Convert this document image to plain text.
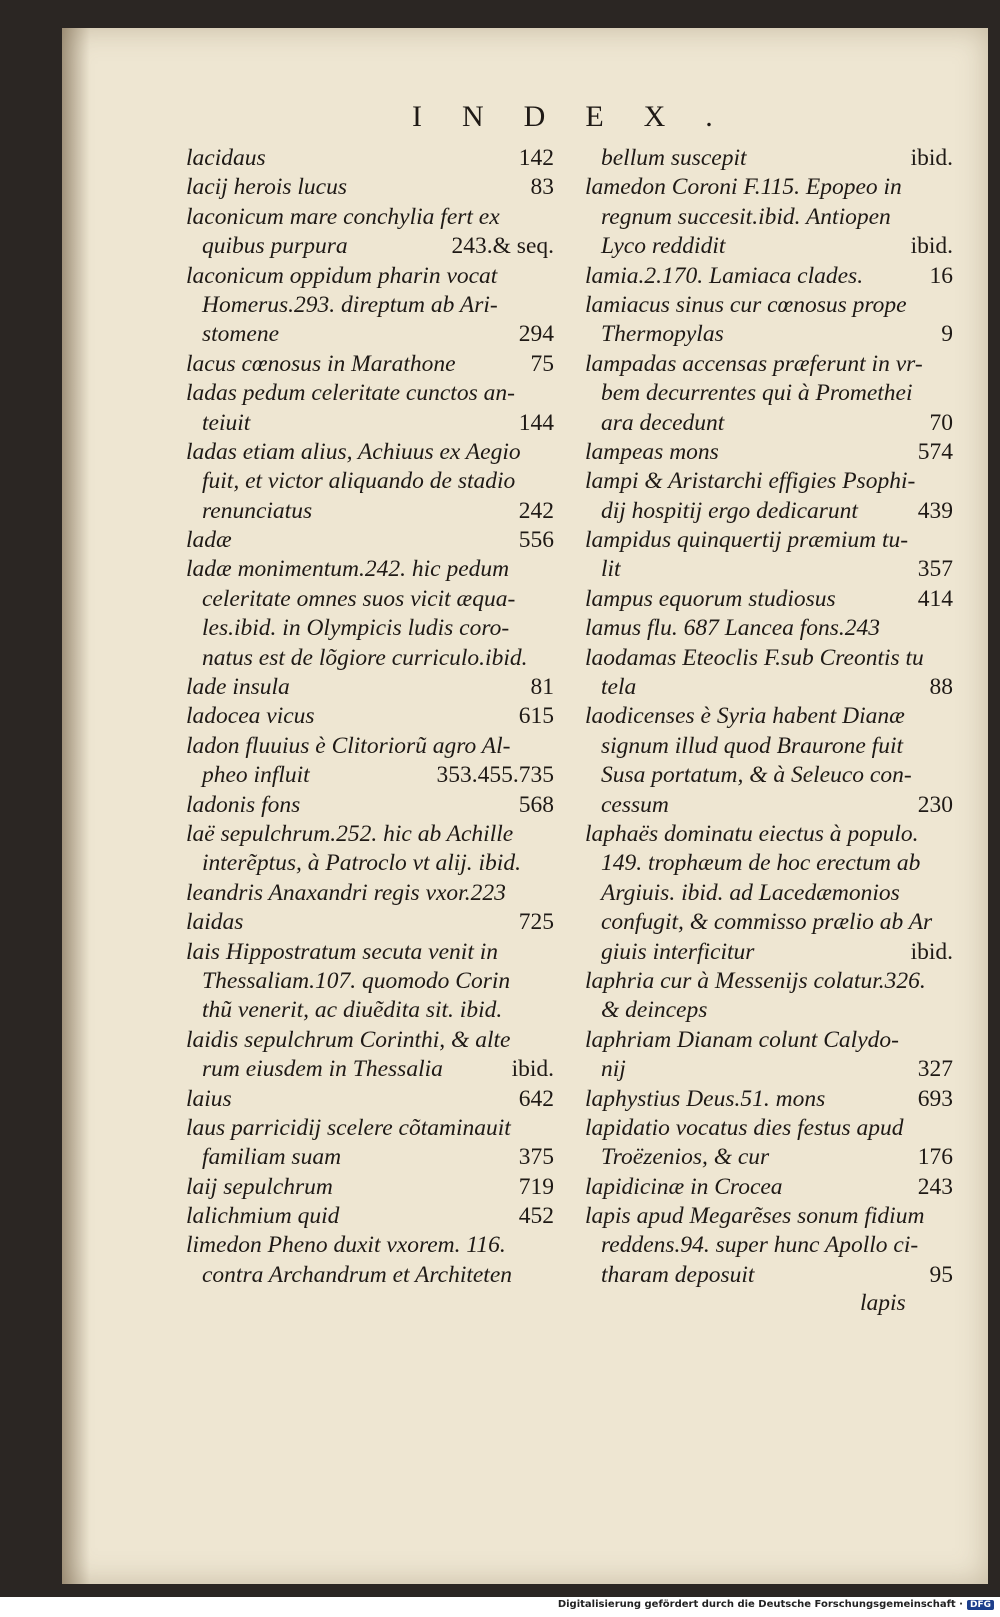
INDEX.
lacidaus	142
lacij herois lucus	83
laconicum mare conchylia fert ex
quibus purpura	243.& seq.
laconicum oppidum pharin vocat
Homerus.293. direptum ab Ari-
stomene	294
lacus cœnosus in Marathone	75
ladas pedum celeritate cunctos an-
teiuit	144
ladas etiam alius, Achiuus ex Aegio
fuit, et victor aliquando de stadio
renunciatus	242
ladæ	556
ladæ monimentum.242. hic pedum
celeritate omnes suos vicit æqua-
les.ibid. in Olympicis ludis coro-
natus est de lõgiore curriculo.ibid.
lade insula	81
ladocea vicus	615
ladon fluuius è Clitoriorũ agro Al-
pheo influit	353.455.735
ladonis fons	568
laë sepulchrum.252. hic ab Achille
interẽptus, à Patroclo vt alij. ibid.
leandris Anaxandri regis vxor.223
laidas	725
lais Hippostratum secuta venit in
Thessaliam.107. quomodo Corin
thũ venerit, ac diuẽdita sit. ibid.
laidis sepulchrum Corinthi, & alte
rum eiusdem in Thessalia	ibid.
laius	642
laus parricidij scelere cõtaminauit
familiam suam	375
laij sepulchrum	719
lalichmium quid	452
limedon Pheno duxit vxorem. 116.
contra Archandrum et Architeten
bellum suscepit	ibid.
lamedon Coroni F.115. Epopeo in
regnum succesit.ibid. Antiopen
Lyco reddidit	ibid.
lamia.2.170. Lamiaca clades.	16
lamiacus sinus cur cœnosus prope
Thermopylas	9
lampadas accensas præferunt in vr-
bem decurrentes qui à Promethei
ara decedunt	70
lampeas mons	574
lampi & Aristarchi effigies Psophi-
dij hospitij ergo dedicarunt	439
lampidus quinquertij præmium tu-
lit	357
lampus equorum studiosus	414
lamus flu. 687 Lancea fons.243
laodamas Eteoclis F.sub Creontis tu
tela	88
laodicenses è Syria habent Dianæ
signum illud quod Braurone fuit
Susa portatum, & à Seleuco con-
cessum	230
laphaës dominatu eiectus à populo.
149. trophæum de hoc erectum ab
Argiuis. ibid. ad Lacedæmonios
confugit, & commisso prælio ab Ar
giuis interficitur	ibid.
laphria cur à Messenijs colatur.326.
& deinceps
laphriam Dianam colunt Calydo-
nij	327
laphystius Deus.51. mons	693
lapidatio vocatus dies festus apud
Troëzenios, & cur	176
lapidicinæ in Crocea	243
lapis apud Megarẽses sonum fidium
reddens.94. super hunc Apollo ci-
tharam deposuit	95
lapis
Digitalisierung gefördert durch die Deutsche Forschungsgemeinschaft · DFG
